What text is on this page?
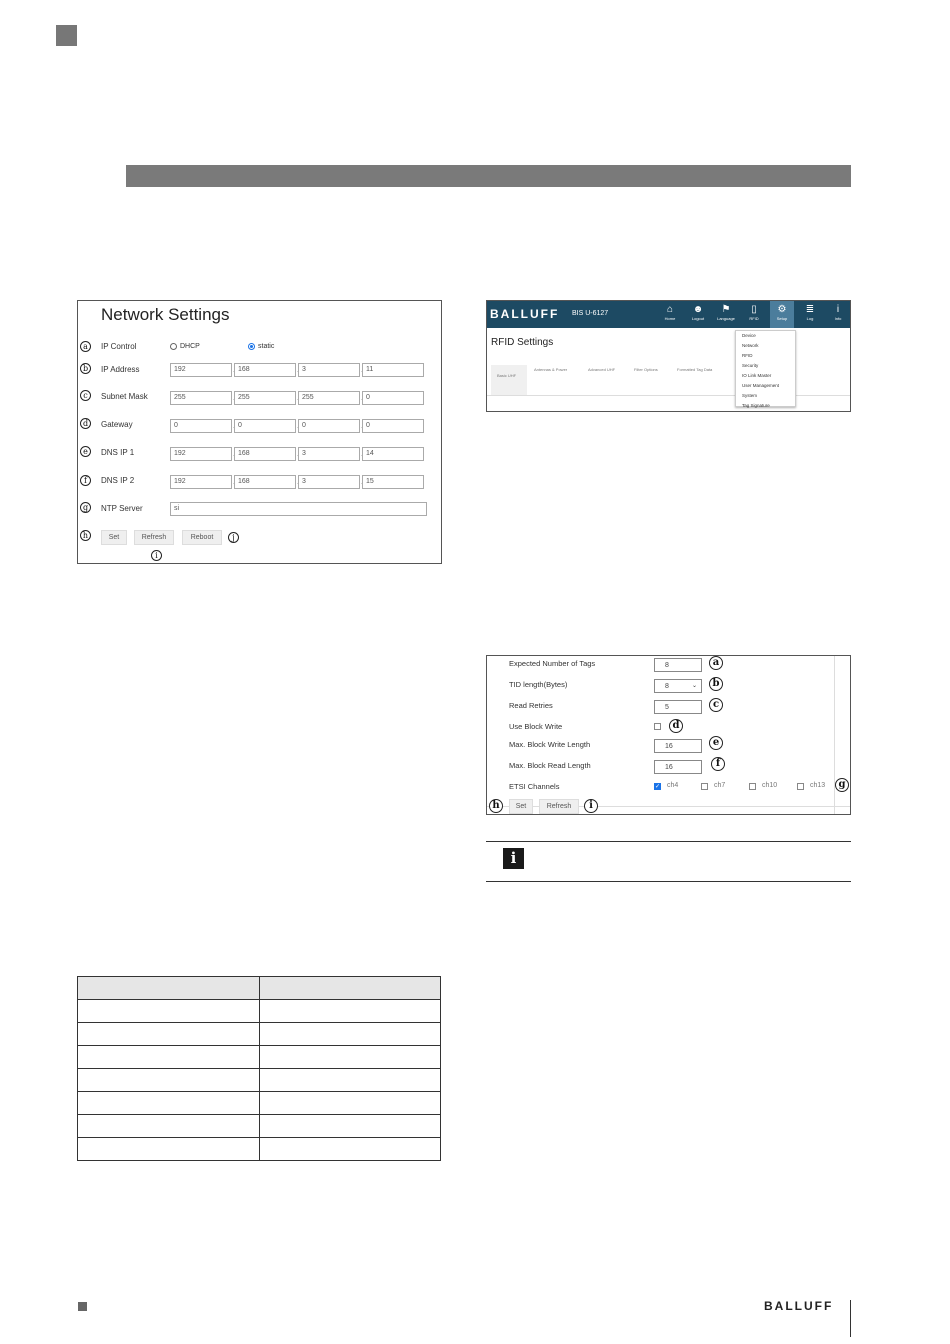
Network Settings
a	IP Control	DHCP	static
b	IP Address	192	168	3	11
c	Subnet Mask	255	255	255	0
d	Gateway	0	0	0	0
e	DNS IP 1	192	168	3	14
f	DNS IP 2	192	168	3	15
g	NTP Server	si
h	Set	Refresh	Reboot	j
i
BALLUFF BIS U-6127	⌂
Home
☻
Logout
⚑
Language
▯
RFID
⚙
Setup
≣
Log
i
Info
RFID Settings
Basic UHF
Antennas & Power	Advanced UHF	Filter Options	Formatted Tag Data
Device
Network
RFID
Security
IO Link Master
User Management
System
Tag Signature
Expected Number of Tags	8	a
TID length(Bytes)	8	⌄	b
Read Retries	5	c
Use Block Write	d
Max. Block Write Length	16	e
Max. Block Read Length	16	f
ETSI Channels	✓ ch4	ch7	ch10	ch13	g
h	Set	Refresh	i
i

BALLUFF
